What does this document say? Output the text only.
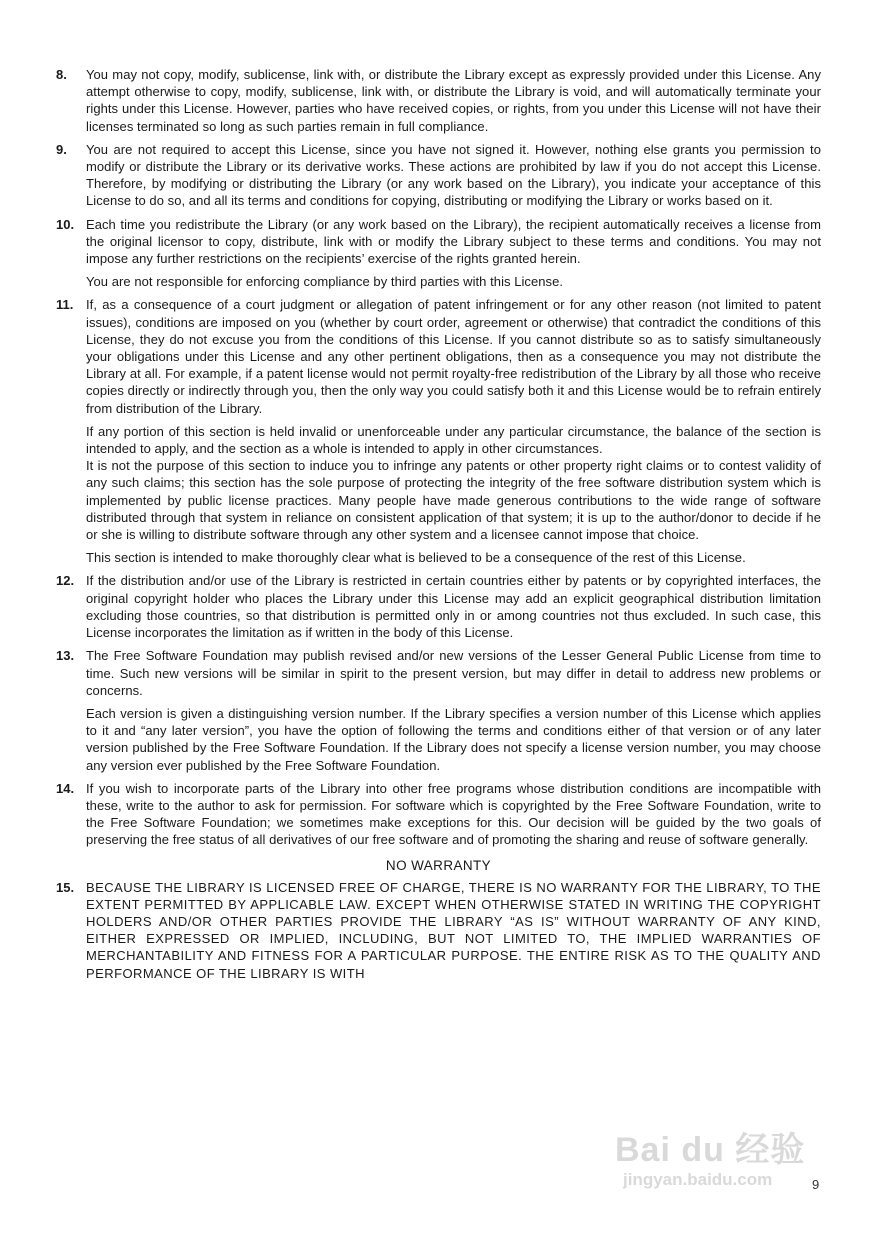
8.	You may not copy, modify, sublicense, link with, or distribute the Library except as expressly provided under this License. Any attempt otherwise to copy, modify, sublicense, link with, or distribute the Library is void, and will automatically terminate your rights under this License. However, parties who have received copies, or rights, from you under this License will not have their licenses terminated so long as such parties remain in full compliance.

9.	You are not required to accept this License, since you have not signed it. However, nothing else grants you permission to modify or distribute the Library or its derivative works. These actions are prohibited by law if you do not accept this License. Therefore, by modifying or distributing the Library (or any work based on the Library), you indicate your acceptance of this License to do so, and all its terms and conditions for copying, distributing or modifying the Library or works based on it.

10. Each time you redistribute the Library (or any work based on the Library), the recipient automatically receives a license from the original licensor to copy, distribute, link with or modify the Library subject to these terms and conditions. You may not impose any further restrictions on the recipients’ exercise of the rights granted herein.

You are not responsible for enforcing compliance by third parties with this License.

11. If, as a consequence of a court judgment or allegation of patent infringement or for any other reason (not limited to patent issues), conditions are imposed on you (whether by court order, agreement or otherwise) that contradict the conditions of this License, they do not excuse you from the conditions of this License. If you cannot distribute so as to satisfy simultaneously your obligations under this License and any other pertinent obligations, then as a consequence you may not distribute the Library at all. For example, if a patent license would not permit royalty-free redistribution of the Library by all those who receive copies directly or indirectly through you, then the only way you could satisfy both it and this License would be to refrain entirely from distribution of the Library.

If any portion of this section is held invalid or unenforceable under any particular circumstance, the balance of the section is intended to apply, and the section as a whole is intended to apply in other circumstances.

It is not the purpose of this section to induce you to infringe any patents or other property right claims or to contest validity of any such claims; this section has the sole purpose of protecting the integrity of the free software distribution system which is implemented by public license practices. Many people have made generous contributions to the wide range of software distributed through that system in reliance on consistent application of that system; it is up to the author/donor to decide if he or she is willing to distribute software through any other system and a licensee cannot impose that choice.

This section is intended to make thoroughly clear what is believed to be a consequence of the rest of this License.

12. If the distribution and/or use of the Library is restricted in certain countries either by patents or by copyrighted interfaces, the original copyright holder who places the Library under this License may add an explicit geographical distribution limitation excluding those countries, so that distribution is permitted only in or among countries not thus excluded. In such case, this License incorporates the limitation as if written in the body of this License.

13. The Free Software Foundation may publish revised and/or new versions of the Lesser General Public License from time to time. Such new versions will be similar in spirit to the present version, but may differ in detail to address new problems or concerns.

Each version is given a distinguishing version number. If the Library specifies a version number of this License which applies to it and “any later version”, you have the option of following the terms and conditions either of that version or of any later version published by the Free Software Foundation. If the Library does not specify a license version number, you may choose any version ever published by the Free Software Foundation.

14. If you wish to incorporate parts of the Library into other free programs whose distribution conditions are incompatible with these, write to the author to ask for permission. For software which is copyrighted by the Free Software Foundation, write to the Free Software Foundation; we sometimes make exceptions for this. Our decision will be guided by the two goals of preserving the free status of all derivatives of our free software and of promoting the sharing and reuse of software generally.

NO WARRANTY
15. BECAUSE THE LIBRARY IS LICENSED FREE OF CHARGE, THERE IS NO WARRANTY FOR THE LIBRARY, TO THE EXTENT PERMITTED BY APPLICABLE LAW. EXCEPT WHEN OTHERWISE STATED IN WRITING THE COPYRIGHT HOLDERS AND/OR OTHER PARTIES PROVIDE THE LIBRARY “AS IS” WITHOUT WARRANTY OF ANY KIND, EITHER EXPRESSED OR IMPLIED, INCLUDING, BUT NOT LIMITED TO, THE IMPLIED WARRANTIES OF MERCHANTABILITY AND FITNESS FOR A PARTICULAR PURPOSE. THE ENTIRE RISK AS TO THE QUALITY AND PERFORMANCE OF THE LIBRARY IS WITH

Bai du 经验
jingyan.baidu.com	9
